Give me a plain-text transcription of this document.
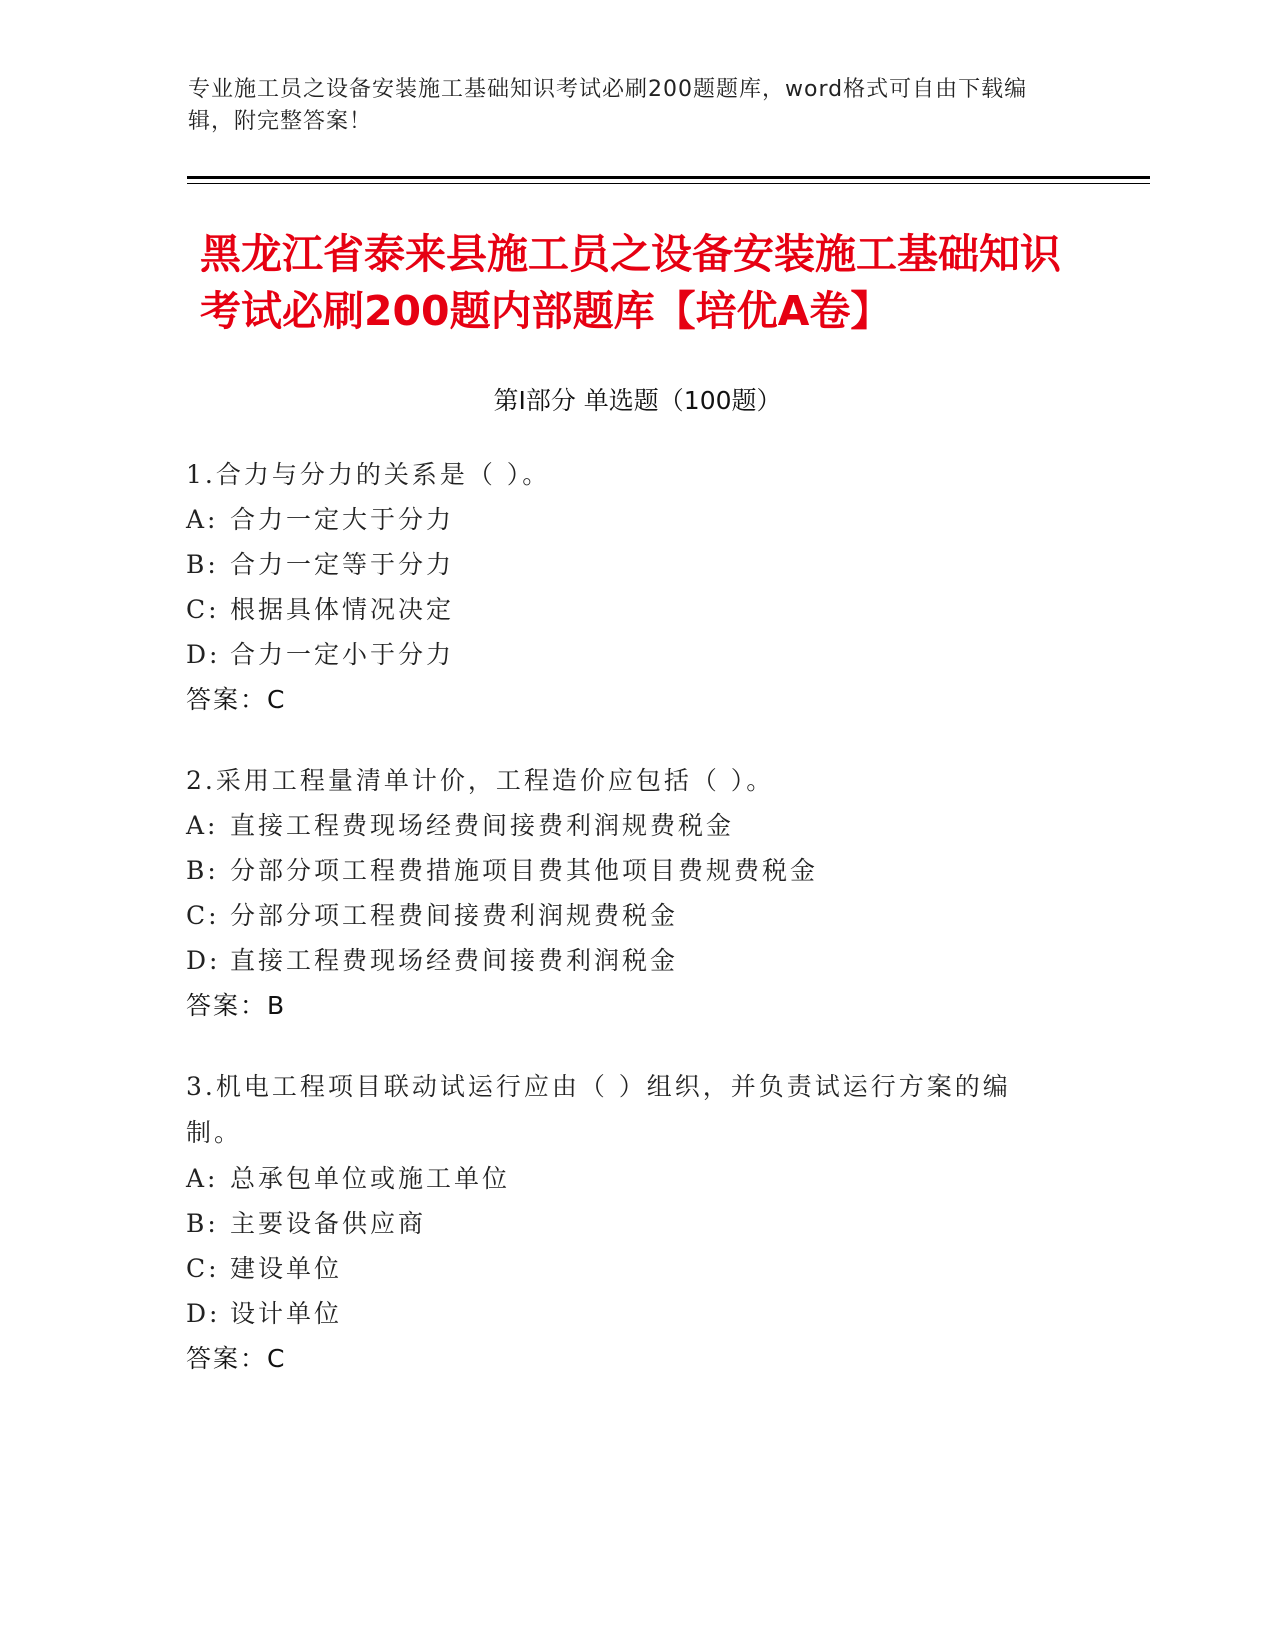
专业施工员之设备安装施工基础知识考试必刷200题题库，word格式可自由下载编辑，附完整答案！
黑龙江省泰来县施工员之设备安装施工基础知识考试必刷200题内部题库【培优A卷】
第Ⅰ部分 单选题（100题）
1.合力与分力的关系是（ ）。
A: 合力一定大于分力
B: 合力一定等于分力
C: 根据具体情况决定
D: 合力一定小于分力
答案：C
2.采用工程量清单计价，工程造价应包括（ ）。
A: 直接工程费现场经费间接费利润规费税金
B: 分部分项工程费措施项目费其他项目费规费税金
C: 分部分项工程费间接费利润规费税金
D: 直接工程费现场经费间接费利润税金
答案：B
3.机电工程项目联动试运行应由（ ）组织，并负责试运行方案的编制。
A: 总承包单位或施工单位
B: 主要设备供应商
C: 建设单位
D: 设计单位
答案：C
